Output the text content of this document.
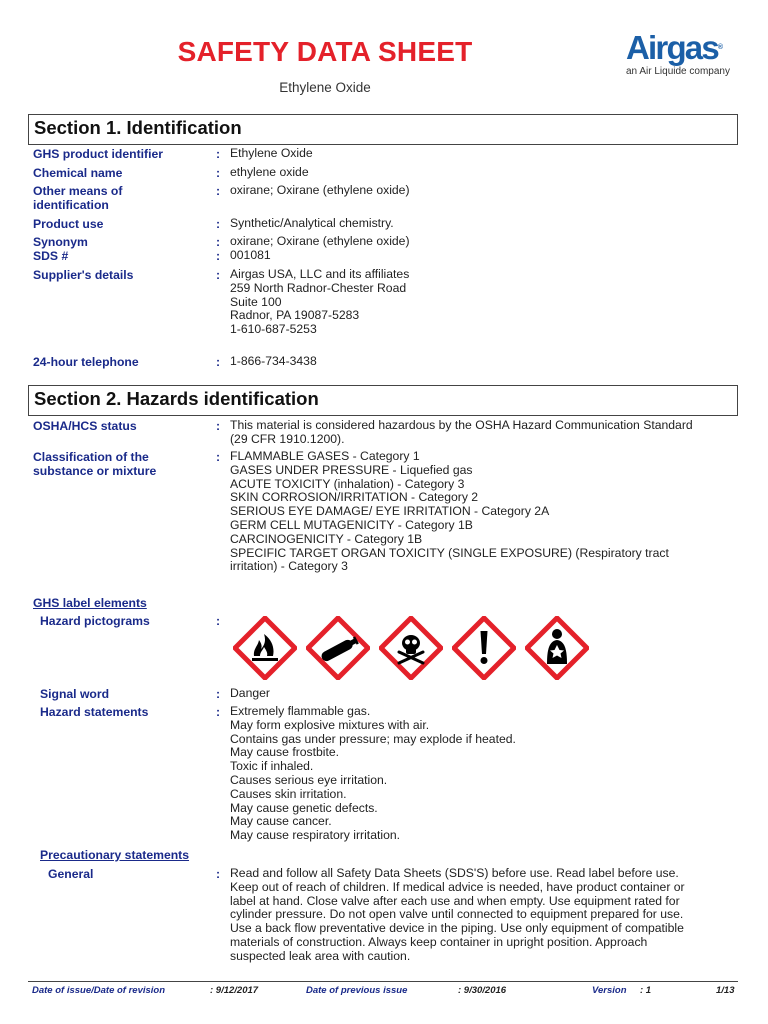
SAFETY DATA SHEET
Ethylene Oxide
Airgas®
an Air Liquide company
Section 1. Identification
GHS product identifier	: Ethylene Oxide
Chemical name	: ethylene oxide
Other means of identification
: oxirane; Oxirane (ethylene oxide)
Product use	: Synthetic/Analytical chemistry.
Synonym	: oxirane; Oxirane (ethylene oxide)
SDS #	: 001081
Supplier's details	: Airgas USA, LLC and its affiliates
259 North Radnor-Chester Road
Suite 100
Radnor, PA 19087-5283
1-610-687-5253
24-hour telephone	: 1-866-734-3438
Section 2. Hazards identification
OSHA/HCS status	: This material is considered hazardous by the OSHA Hazard Communication Standard
(29 CFR 1910.1200).
Classification of the substance or mixture
: FLAMMABLE GASES - Category 1
GASES UNDER PRESSURE - Liquefied gas
ACUTE TOXICITY (inhalation) - Category 3
SKIN CORROSION/IRRITATION - Category 2
SERIOUS EYE DAMAGE/ EYE IRRITATION - Category 2A
GERM CELL MUTAGENICITY - Category 1B
CARCINOGENICITY - Category 1B
SPECIFIC TARGET ORGAN TOXICITY (SINGLE EXPOSURE) (Respiratory tract
irritation) - Category 3
GHS label elements
Hazard pictograms	:
Signal word	: Danger
Hazard statements	: Extremely flammable gas.
May form explosive mixtures with air.
Contains gas under pressure; may explode if heated.
May cause frostbite.
Toxic if inhaled.
Causes serious eye irritation.
Causes skin irritation.
May cause genetic defects.
May cause cancer.
May cause respiratory irritation.
Precautionary statements
General	: Read and follow all Safety Data Sheets (SDS'S) before use. Read label before use.
Keep out of reach of children. If medical advice is needed, have product container or
label at hand. Close valve after each use and when empty. Use equipment rated for
cylinder pressure. Do not open valve until connected to equipment prepared for use.
Use a back flow preventative device in the piping. Use only equipment of compatible
materials of construction. Always keep container in upright position. Approach
suspected leak area with caution.
Date of issue/Date of revision	: 9/12/2017	Date of previous issue	: 9/30/2016	Version : 1	1/13
